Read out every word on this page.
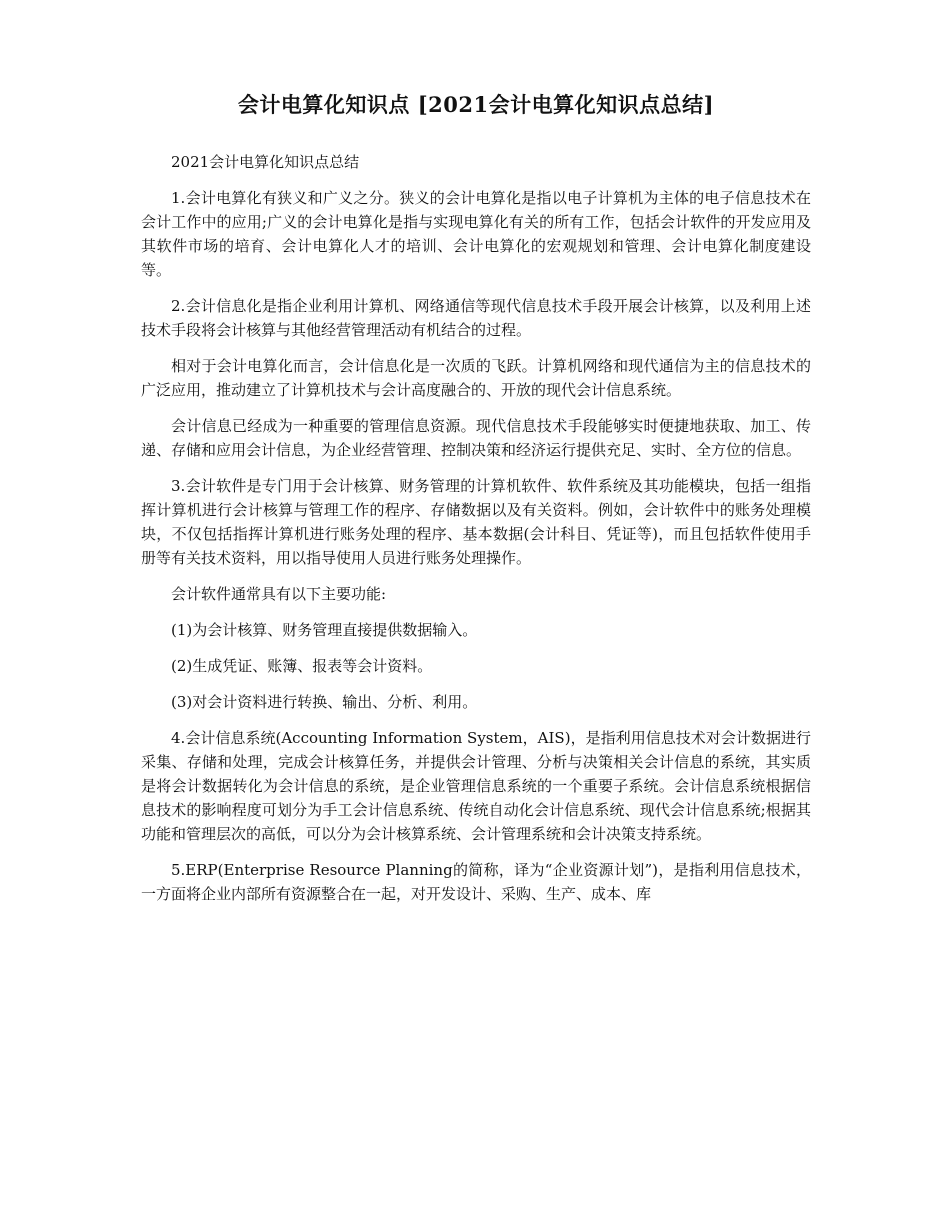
会计电算化知识点 [2021会计电算化知识点总结]

2021会计电算化知识点总结

1.会计电算化有狭义和广义之分。狭义的会计电算化是指以电子计算机为主体的电子信息技术在会计工作中的应用;广义的会计电算化是指与实现电算化有关的所有工作，包括会计软件的开发应用及其软件市场的培育、会计电算化人才的培训、会计电算化的宏观规划和管理、会计电算化制度建设等。

2.会计信息化是指企业利用计算机、网络通信等现代信息技术手段开展会计核算，以及利用上述技术手段将会计核算与其他经营管理活动有机结合的过程。

相对于会计电算化而言，会计信息化是一次质的飞跃。计算机网络和现代通信为主的信息技术的广泛应用，推动建立了计算机技术与会计高度融合的、开放的现代会计信息系统。

会计信息已经成为一种重要的管理信息资源。现代信息技术手段能够实时便捷地获取、加工、传递、存储和应用会计信息，为企业经营管理、控制决策和经济运行提供充足、实时、全方位的信息。

3.会计软件是专门用于会计核算、财务管理的计算机软件、软件系统及其功能模块，包括一组指挥计算机进行会计核算与管理工作的程序、存储数据以及有关资料。例如，会计软件中的账务处理模块，不仅包括指挥计算机进行账务处理的程序、基本数据(会计科目、凭证等)，而且包括软件使用手册等有关技术资料，用以指导使用人员进行账务处理操作。

会计软件通常具有以下主要功能:

(1)为会计核算、财务管理直接提供数据输入。

(2)生成凭证、账簿、报表等会计资料。

(3)对会计资料进行转换、输出、分析、利用。

4.会计信息系统(Accounting Information System，AIS)，是指利用信息技术对会计数据进行采集、存储和处理，完成会计核算任务，并提供会计管理、分析与决策相关会计信息的系统，其实质是将会计数据转化为会计信息的系统，是企业管理信息系统的一个重要子系统。会计信息系统根据信息技术的影响程度可划分为手工会计信息系统、传统自动化会计信息系统、现代会计信息系统;根据其功能和管理层次的高低，可以分为会计核算系统、会计管理系统和会计决策支持系统。

5.ERP(Enterprise Resource Planning的简称，译为“企业资源计划”)，是指利用信息技术，一方面将企业内部所有资源整合在一起，对开发设计、采购、生产、成本、库
